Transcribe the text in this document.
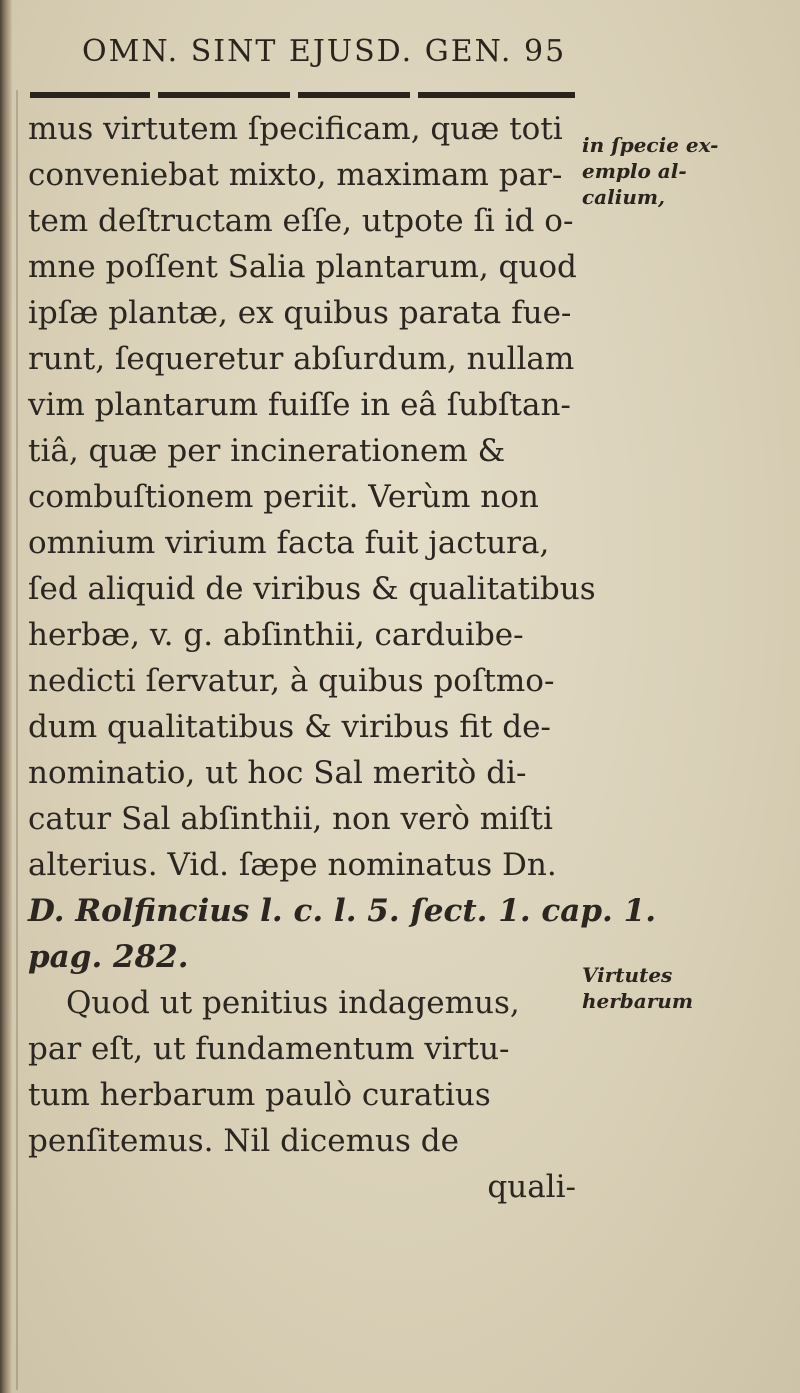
OMN. SINT EJUSD. GEN. 95
mus virtutem ſpecificam, quæ toti
conveniebat mixto, maximam par-
tem deſtructam eſſe, utpote ſi id o-
mne poſſent Salia plantarum, quod
ipſæ plantæ, ex quibus parata fue-
runt, ſequeretur abſurdum, nullam
vim plantarum fuiſſe in eâ ſubſtan-
tiâ, quæ per incinerationem &
combuſtionem periit. Verùm non
omnium virium facta fuit jactura,
ſed aliquid de viribus & qualitatibus
herbæ, v. g. abſinthii, carduibe-
nedicti ſervatur, à quibus poſtmo-
dum qualitatibus & viribus fit de-
nominatio, ut hoc Sal meritò di-
catur Sal abſinthii, non verò miſti
alterius. Vid. ſæpe nominatus Dn.
D. Rolfincius l. c. l. 5. ſect. 1. cap. 1.
pag. 282.
Quod ut penitius indagemus,
par eſt, ut fundamentum virtu-
tum herbarum paulò curatius
penſitemus. Nil dicemus de
quali-
in ſpecie ex-
emplo al-
calium,
Virtutes
herbarum
